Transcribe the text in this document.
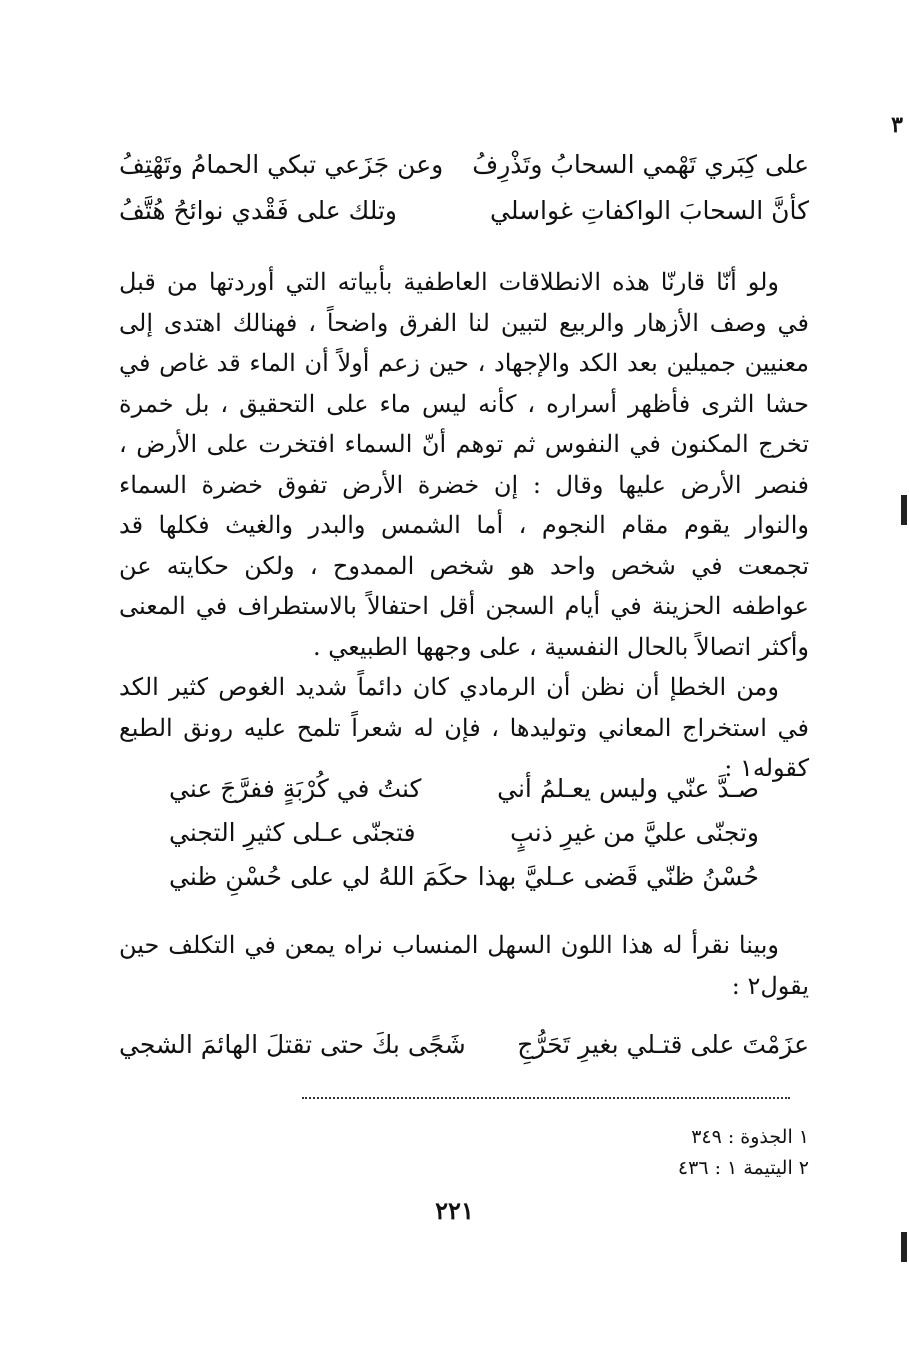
٣
على كِبَري تَهْمي السحابُ وتَذْرِفُ
وعن جَزَعي تبكي الحمامُ وتَهْتِفُ
كأنَّ السحابَ الواكفاتِ غواسلي
وتلك على فَقْدي نوائحُ هُتَّفُ

ولو أنّا قارنّا هذه الانطلاقات العاطفية بأبياته التي أوردتها من قبل في وصف الأزهار والربيع لتبين لنا الفرق واضحاً ، فهنالك اهتدى إلى معنيين جميلين بعد الكد والإجهاد ، حين زعم أولاً أن الماء قد غاص في حشا الثرى فأظهر أسراره ، كأنه ليس ماء على التحقيق ، بل خمرة تخرج المكنون في النفوس ثم توهم أنّ السماء افتخرت على الأرض ، فنصر الأرض عليها وقال : إن خضرة الأرض تفوق خضرة السماء والنوار يقوم مقام النجوم ، أما الشمس والبدر والغيث فكلها قد تجمعت في شخص واحد هو شخص الممدوح ، ولكن حكايته عن عواطفه الحزينة في أيام السجن أقل احتفالاً بالاستطراف في المعنى وأكثر اتصالاً بالحال النفسية ، على وجهها الطبيعي .

ومن الخطإ أن نظن أن الرمادي كان دائماً شديد الغوص كثير الكد في استخراج المعاني وتوليدها ، فإن له شعراً تلمح عليه رونق الطبع كقوله١ :

صـدَّ عنّي وليس يعـلمُ أني
كنتُ في كُرْبَةٍ ففرَّجَ عني
وتجنّى عليَّ من غيرِ ذنبٍ
فتجنّى عـلى كثيرِ التجني
حُسْنُ ظنّي قَضى عـليَّ بهذا
حكَمَ اللهُ لي على حُسْنِ ظني

وبينا نقرأ له هذا اللون السهل المنساب نراه يمعن في التكلف حين يقول٢ :

عزَمْتَ على قتـلي بغيرِ تَحَرُّجِ
شَجًى بكَ حتى تقتلَ الهائمَ الشجي
١ الجذوة : ٣٤٩
٢ اليتيمة ١ : ٤٣٦
٢٢١
